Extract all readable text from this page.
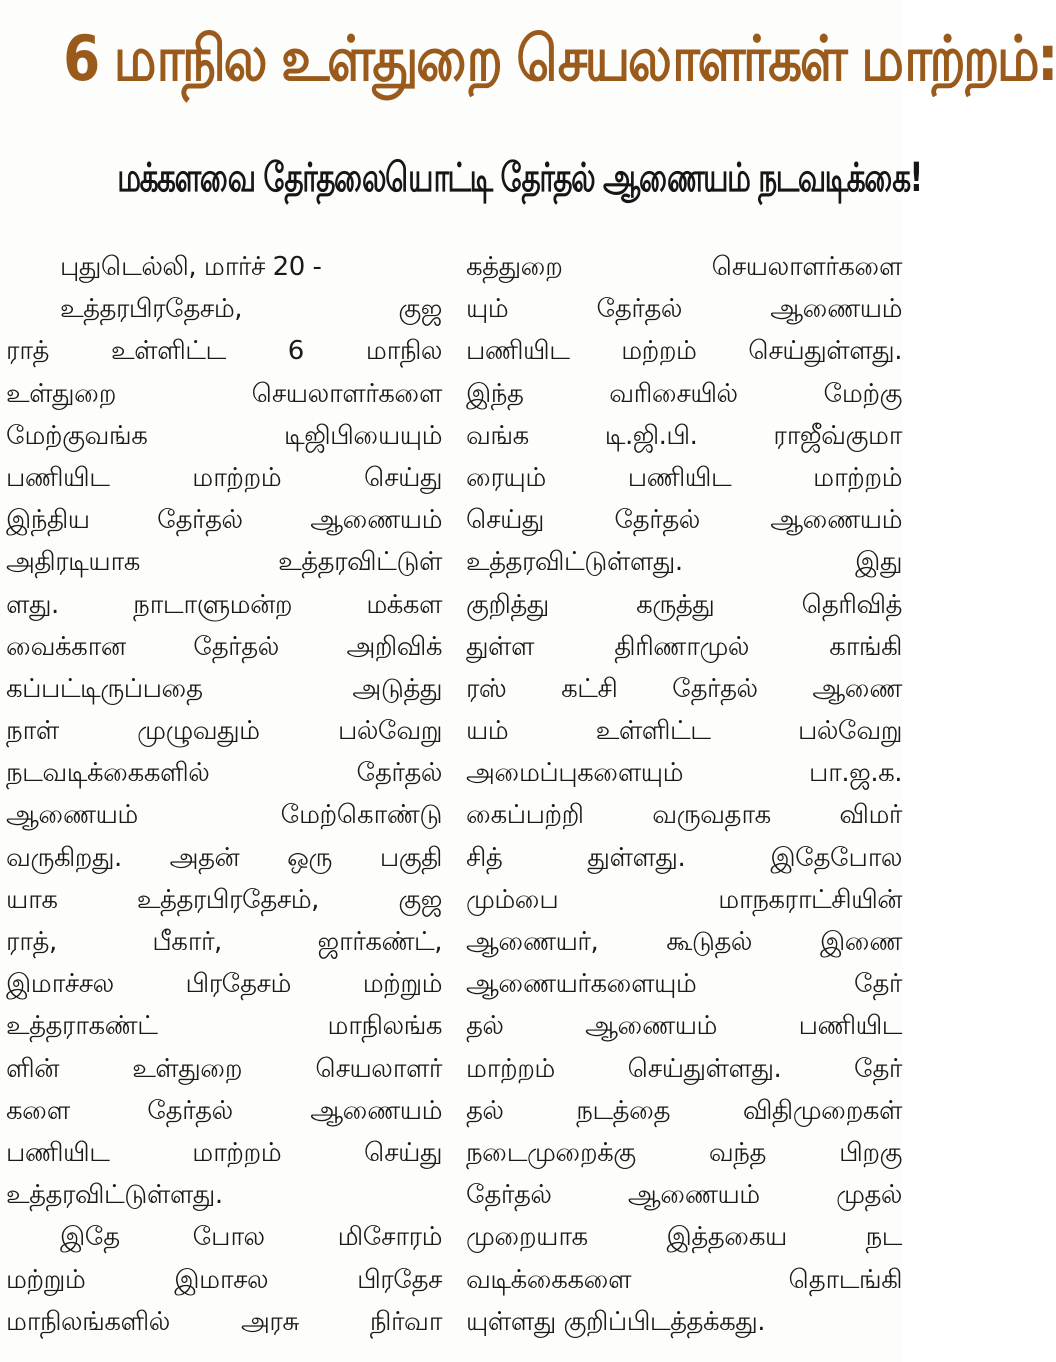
6 மாநில உள்துறை செயலாளர்கள் மாற்றம்:
மக்களவை தேர்தலையொட்டி தேர்தல் ஆணையம் நடவடிக்கை!
புதுடெல்லி, மார்ச் 20 -
உத்தரபிரதேசம், குஜ
ராத் உள்ளிட்ட 6 மாநில
உள்துறை செயலாளர்களை
மேற்குவங்க டிஜிபியையும்
பணியிட மாற்றம் செய்து
இந்திய தேர்தல் ஆணையம்
அதிரடியாக உத்தரவிட்டுள்
ளது. நாடாளுமன்ற மக்கள
வைக்கான தேர்தல் அறிவிக்
கப்பட்டிருப்பதை அடுத்து
நாள் முழுவதும் பல்வேறு
நடவடிக்கைகளில் தேர்தல்
ஆணையம் மேற்கொண்டு
வருகிறது. அதன் ஒரு பகுதி
யாக உத்தரபிரதேசம், குஜ
ராத், பீகார், ஜார்கண்ட்,
இமாச்சல பிரதேசம் மற்றும்
உத்தராகண்ட் மாநிலங்க
ளின் உள்துறை செயலாளர்
களை தேர்தல் ஆணையம்
பணியிட மாற்றம் செய்து
உத்தரவிட்டுள்ளது.
இதே போல மிசோரம்
மற்றும் இமாசல பிரதேச
மாநிலங்களில் அரசு நிர்வா
கத்துறை செயலாளர்களை
யும் தேர்தல் ஆணையம்
பணியிட மற்றம் செய்துள்ளது.
இந்த வரிசையில் மேற்கு
வங்க டி.ஜி.பி. ராஜீவ்குமா
ரையும் பணியிட மாற்றம்
செய்து தேர்தல் ஆணையம்
உத்தரவிட்டுள்ளது. இது
குறித்து கருத்து தெரிவித்
துள்ள திரிணாமுல் காங்கி
ரஸ் கட்சி தேர்தல் ஆணை
யம் உள்ளிட்ட பல்வேறு
அமைப்புகளையும் பா.ஜ.க.
கைப்பற்றி வருவதாக விமர்
சித் துள்ளது. இதேபோல
மும்பை மாநகராட்சியின்
ஆணையர், கூடுதல் இணை
ஆணையர்களையும் தேர்
தல் ஆணையம் பணியிட
மாற்றம் செய்துள்ளது. தேர்
தல் நடத்தை விதிமுறைகள்
நடைமுறைக்கு வந்த பிறகு
தேர்தல் ஆணையம் முதல்
முறையாக இத்தகைய நட
வடிக்கைகளை தொடங்கி
யுள்ளது குறிப்பிடத்தக்கது.
